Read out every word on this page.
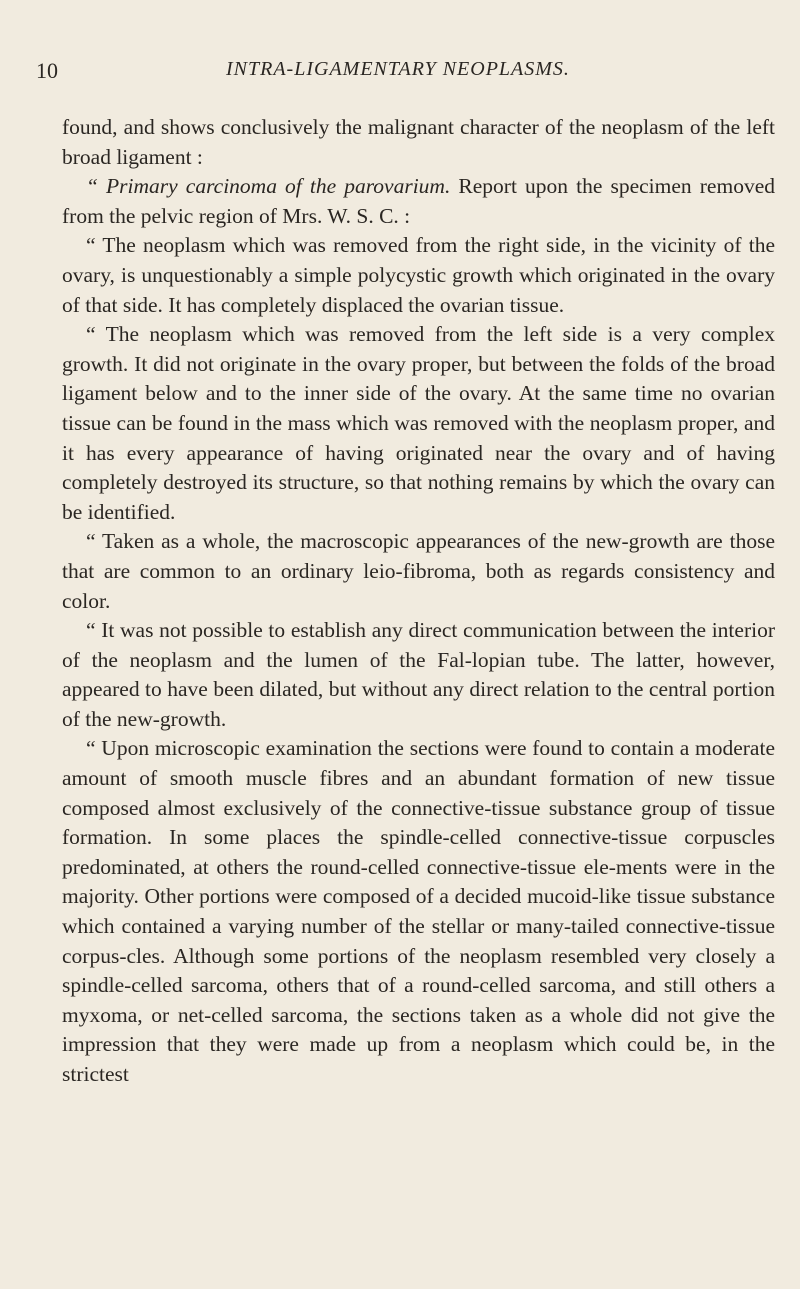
10	INTRA-LIGAMENTARY NEOPLASMS.

found, and shows conclusively the malignant character of the neoplasm of the left broad ligament :

“ Primary carcinoma of the parovarium. Report upon the specimen removed from the pelvic region of Mrs. W. S. C. :

“ The neoplasm which was removed from the right side, in the vicinity of the ovary, is unquestionably a simple polycystic growth which originated in the ovary of that side. It has completely displaced the ovarian tissue.

“ The neoplasm which was removed from the left side is a very complex growth. It did not originate in the ovary proper, but between the folds of the broad ligament below and to the inner side of the ovary. At the same time no ovarian tissue can be found in the mass which was removed with the neoplasm proper, and it has every appearance of having originated near the ovary and of having completely destroyed its structure, so that nothing remains by which the ovary can be identified.

“ Taken as a whole, the macroscopic appearances of the new-growth are those that are common to an ordinary leio-fibroma, both as regards consistency and color.

“ It was not possible to establish any direct communication between the interior of the neoplasm and the lumen of the Fal-lopian tube. The latter, however, appeared to have been dilated, but without any direct relation to the central portion of the new-growth.

“ Upon microscopic examination the sections were found to contain a moderate amount of smooth muscle fibres and an abundant formation of new tissue composed almost exclusively of the connective-tissue substance group of tissue formation. In some places the spindle-celled connective-tissue corpuscles predominated, at others the round-celled connective-tissue ele-ments were in the majority. Other portions were composed of a decided mucoid-like tissue substance which contained a varying number of the stellar or many-tailed connective-tissue corpus-cles. Although some portions of the neoplasm resembled very closely a spindle-celled sarcoma, others that of a round-celled sarcoma, and still others a myxoma, or net-celled sarcoma, the sections taken as a whole did not give the impression that they were made up from a neoplasm which could be, in the strictest
